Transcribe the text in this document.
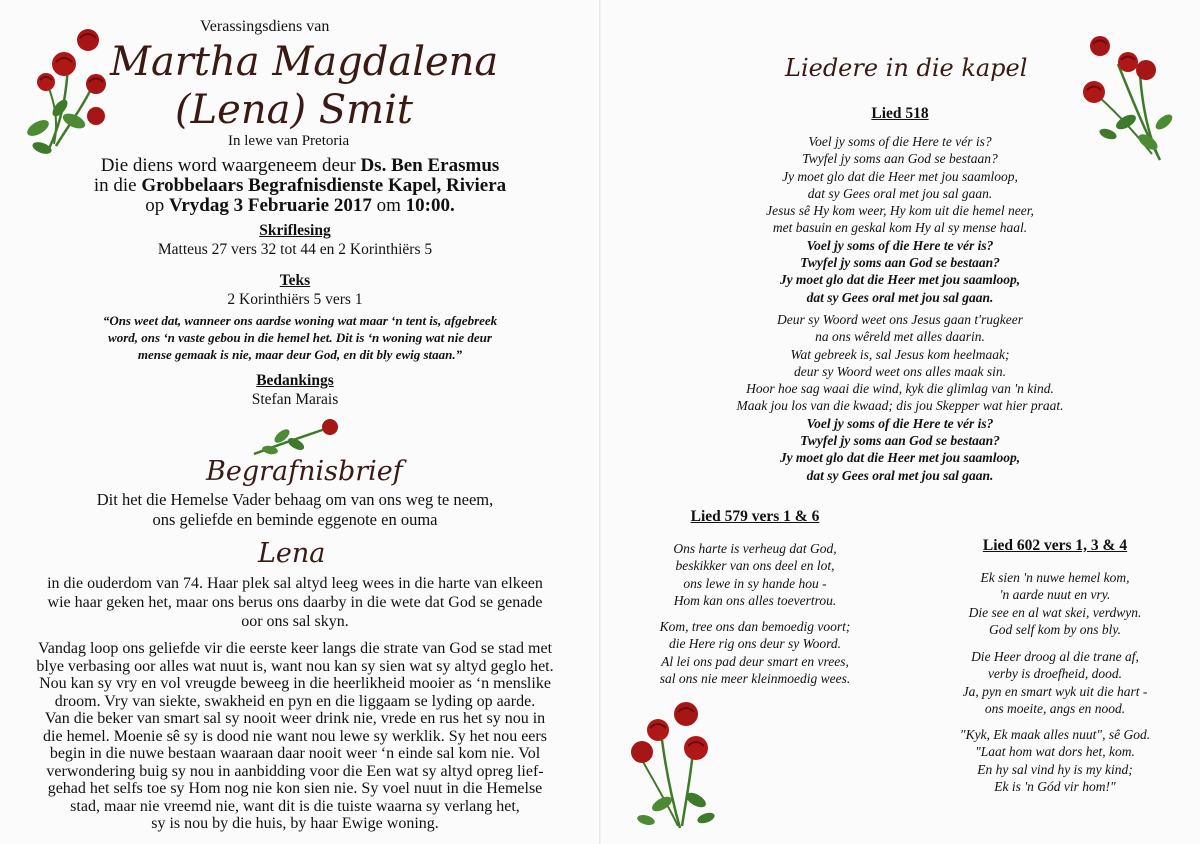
Verassingsdiens van
Martha Magdalena
(Lena) Smit
In lewe van Pretoria
Die diens word waargeneem deur Ds. Ben Erasmus
in die Grobbelaars Begrafnisdienste Kapel, Riviera
op Vrydag 3 Februarie 2017 om 10:00.
Skriflesing
Matteus 27 vers 32 tot 44 en 2 Korinthiërs 5
Teks
2 Korinthiërs 5 vers 1
“Ons weet dat, wanneer ons aardse woning wat maar ‘n tent is, afgebreek
word, ons ‘n vaste gebou in die hemel het. Dit is ‘n woning wat nie deur
mense gemaak is nie, maar deur God, en dit bly ewig staan.”
Bedankings
Stefan Marais
Begrafnisbrief
Dit het die Hemelse Vader behaag om van ons weg te neem,
ons geliefde en beminde eggenote en ouma
Lena
in die ouderdom van 74. Haar plek sal altyd leeg wees in die harte van elkeen
wie haar geken het, maar ons berus ons daarby in die wete dat God se genade
oor ons sal skyn.
Vandag loop ons geliefde vir die eerste keer langs die strate van God se stad met
blye verbasing oor alles wat nuut is, want nou kan sy sien wat sy altyd geglo het.
Nou kan sy vry en vol vreugde beweeg in die heerlikheid mooier as ‘n menslike
droom. Vry van siekte, swakheid en pyn en die liggaam se lyding op aarde.
Van die beker van smart sal sy nooit weer drink nie, vrede en rus het sy nou in
die hemel. Moenie sê sy is dood nie want nou lewe sy werklik. Sy het nou eers
begin in die nuwe bestaan waaraan daar nooit weer ‘n einde sal kom nie. Vol
verwondering buig sy nou in aanbidding voor die Een wat sy altyd opreg lief-
gehad het selfs toe sy Hom nog nie kon sien nie. Sy voel nuut in die Hemelse
stad, maar nie vreemd nie, want dit is die tuiste waarna sy verlang het,
sy is nou by die huis, by haar Ewige woning.
Liedere in die kapel
Lied 518
Voel jy soms of die Here te vér is?
Twyfel jy soms aan God se bestaan?
Jy moet glo dat die Heer met jou saamloop,
dat sy Gees oral met jou sal gaan.
Jesus sê Hy kom weer, Hy kom uit die hemel neer,
met basuin en geskal kom Hy al sy mense haal.
Voel jy soms of die Here te vér is?
Twyfel jy soms aan God se bestaan?
Jy moet glo dat die Heer met jou saamloop,
dat sy Gees oral met jou sal gaan.
Deur sy Woord weet ons Jesus gaan t'rugkeer
na ons wêreld met alles daarin.
Wat gebreek is, sal Jesus kom heelmaak;
deur sy Woord weet ons alles maak sin.
Hoor hoe sag waai die wind, kyk die glimlag van 'n kind.
Maak jou los van die kwaad; dis jou Skepper wat hier praat.
Voel jy soms of die Here te vér is?
Twyfel jy soms aan God se bestaan?
Jy moet glo dat die Heer met jou saamloop,
dat sy Gees oral met jou sal gaan.
Lied 579 vers 1 & 6
Ons harte is verheug dat God,
beskikker van ons deel en lot,
ons lewe in sy hande hou -
Hom kan ons alles toevertrou.
Kom, tree ons dan bemoedig voort;
die Here rig ons deur sy Woord.
Al lei ons pad deur smart en vrees,
sal ons nie meer kleinmoedig wees.
Lied 602 vers 1, 3 & 4
Ek sien 'n nuwe hemel kom,
'n aarde nuut en vry.
Die see en al wat skei, verdwyn.
God self kom by ons bly.
Die Heer droog al die trane af,
verby is droefheid, dood.
Ja, pyn en smart wyk uit die hart -
ons moeite, angs en nood.
"Kyk, Ek maak alles nuut", sê God.
"Laat hom wat dors het, kom.
En hy sal vind hy is my kind;
Ek is 'n Gód vir hom!"
